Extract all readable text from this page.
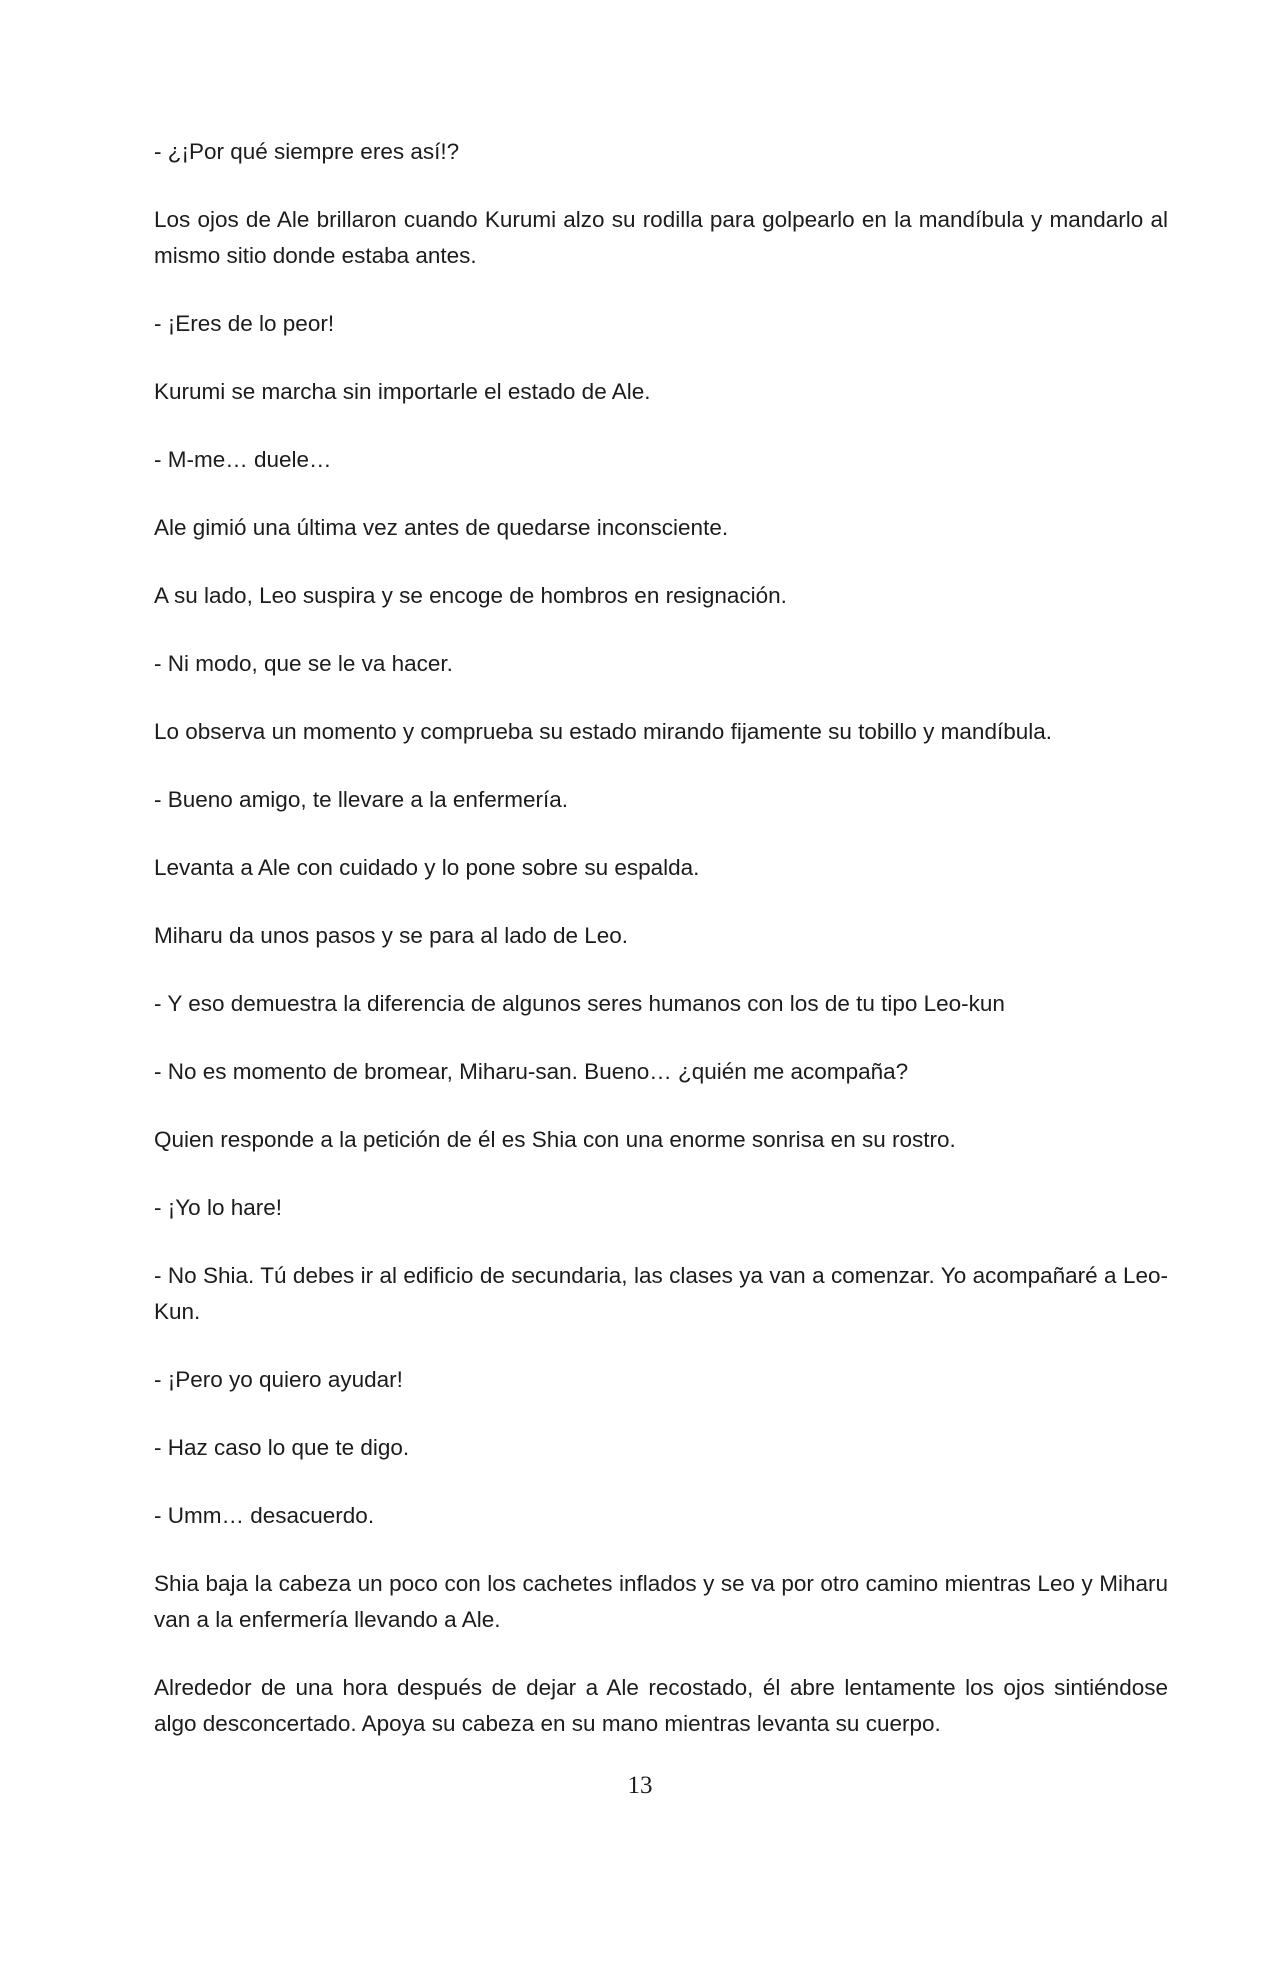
- ¿¡Por qué siempre eres así!?

Los ojos de Ale brillaron cuando Kurumi alzo su rodilla para golpearlo en la mandíbula y mandarlo al mismo sitio donde estaba antes.

- ¡Eres de lo peor!

Kurumi se marcha sin importarle el estado de Ale.

- M-me… duele…

Ale gimió una última vez antes de quedarse inconsciente.

A su lado, Leo suspira y se encoge de hombros en resignación.

- Ni modo, que se le va hacer.

Lo observa un momento y comprueba su estado mirando fijamente su tobillo y mandíbula.

- Bueno amigo, te llevare a la enfermería.

Levanta a Ale con cuidado y lo pone sobre su espalda.

Miharu da unos pasos y se para al lado de Leo.

- Y eso demuestra la diferencia de algunos seres humanos con los de tu tipo Leo-kun

- No es momento de bromear, Miharu-san. Bueno… ¿quién me acompaña?

Quien responde a la petición de él es Shia con una enorme sonrisa en su rostro.

- ¡Yo lo hare!

- No Shia. Tú debes ir al edificio de secundaria, las clases ya van a comenzar. Yo acompañaré a Leo-Kun.

- ¡Pero yo quiero ayudar!

- Haz caso lo que te digo.

- Umm… desacuerdo.

Shia baja la cabeza un poco con los cachetes inflados y se va por otro camino mientras Leo y Miharu van a la enfermería llevando a Ale.

Alrededor de una hora después de dejar a Ale recostado, él abre lentamente los ojos sintiéndose algo desconcertado. Apoya su cabeza en su mano mientras levanta su cuerpo.

13
